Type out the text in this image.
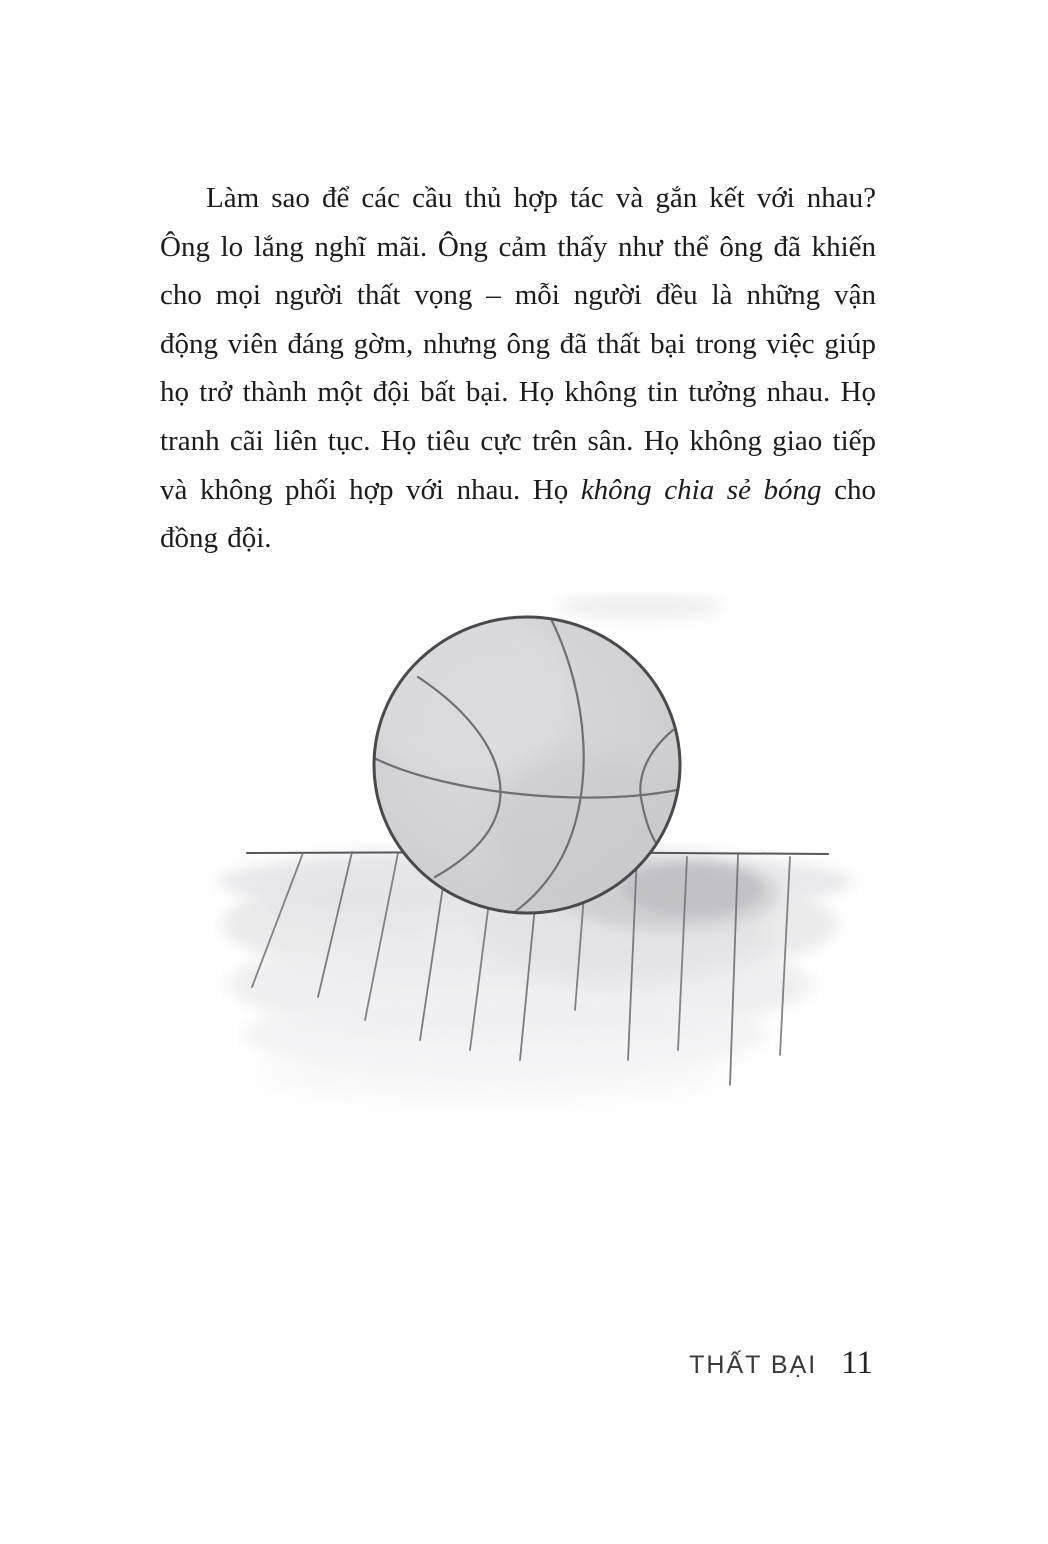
Làm sao để các cầu thủ hợp tác và gắn kết với nhau? Ông lo lắng nghĩ mãi. Ông cảm thấy như thể ông đã khiến cho mọi người thất vọng – mỗi người đều là những vận động viên đáng gờm, nhưng ông đã thất bại trong việc giúp họ trở thành một đội bất bại. Họ không tin tưởng nhau. Họ tranh cãi liên tục. Họ tiêu cực trên sân. Họ không giao tiếp và không phối hợp với nhau. Họ không chia sẻ bóng cho đồng đội.

THẤT BẠI 11
